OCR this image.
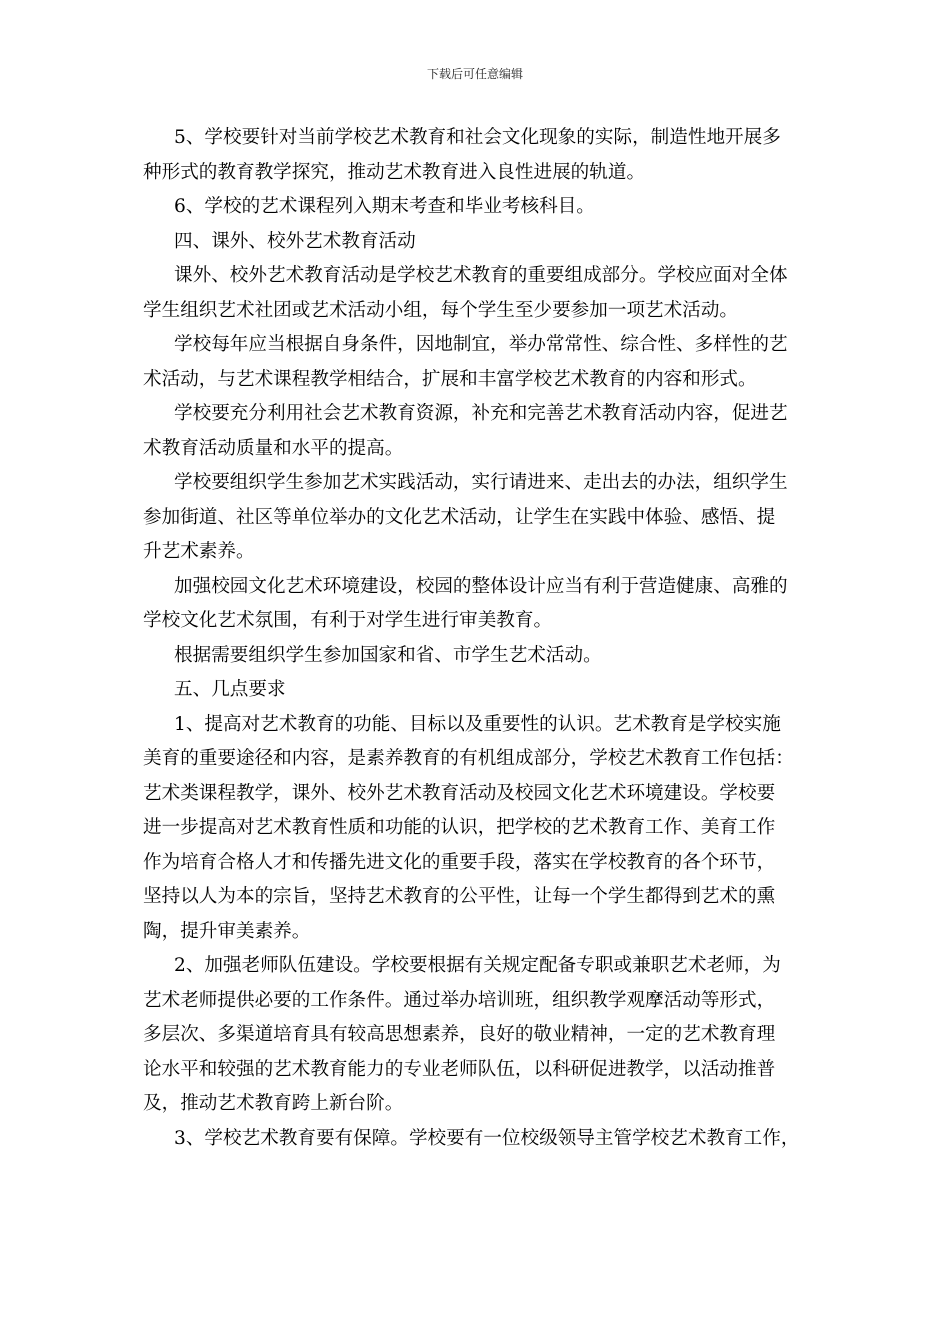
下载后可任意编辑
5、学校要针对当前学校艺术教育和社会文化现象的实际，制造性地开展多
种形式的教育教学探究，推动艺术教育进入良性进展的轨道。
6、学校的艺术课程列入期末考查和毕业考核科目。
四、课外、校外艺术教育活动
课外、校外艺术教育活动是学校艺术教育的重要组成部分。学校应面对全体
学生组织艺术社团或艺术活动小组，每个学生至少要参加一项艺术活动。
学校每年应当根据自身条件，因地制宜，举办常常性、综合性、多样性的艺
术活动，与艺术课程教学相结合，扩展和丰富学校艺术教育的内容和形式。
学校要充分利用社会艺术教育资源，补充和完善艺术教育活动内容，促进艺
术教育活动质量和水平的提高。
学校要组织学生参加艺术实践活动，实行请进来、走出去的办法，组织学生
参加街道、社区等单位举办的文化艺术活动，让学生在实践中体验、感悟、提
升艺术素养。
加强校园文化艺术环境建设，校园的整体设计应当有利于营造健康、高雅的
学校文化艺术氛围，有利于对学生进行审美教育。
根据需要组织学生参加国家和省、市学生艺术活动。
五、几点要求
1、提高对艺术教育的功能、目标以及重要性的认识。艺术教育是学校实施
美育的重要途径和内容，是素养教育的有机组成部分，学校艺术教育工作包括：
艺术类课程教学，课外、校外艺术教育活动及校园文化艺术环境建设。学校要
进一步提高对艺术教育性质和功能的认识，把学校的艺术教育工作、美育工作
作为培育合格人才和传播先进文化的重要手段，落实在学校教育的各个环节，
坚持以人为本的宗旨，坚持艺术教育的公平性，让每一个学生都得到艺术的熏
陶，提升审美素养。
2、加强老师队伍建设。学校要根据有关规定配备专职或兼职艺术老师，为
艺术老师提供必要的工作条件。通过举办培训班，组织教学观摩活动等形式，
多层次、多渠道培育具有较高思想素养，良好的敬业精神，一定的艺术教育理
论水平和较强的艺术教育能力的专业老师队伍，以科研促进教学，以活动推普
及，推动艺术教育跨上新台阶。
3、学校艺术教育要有保障。学校要有一位校级领导主管学校艺术教育工作，
